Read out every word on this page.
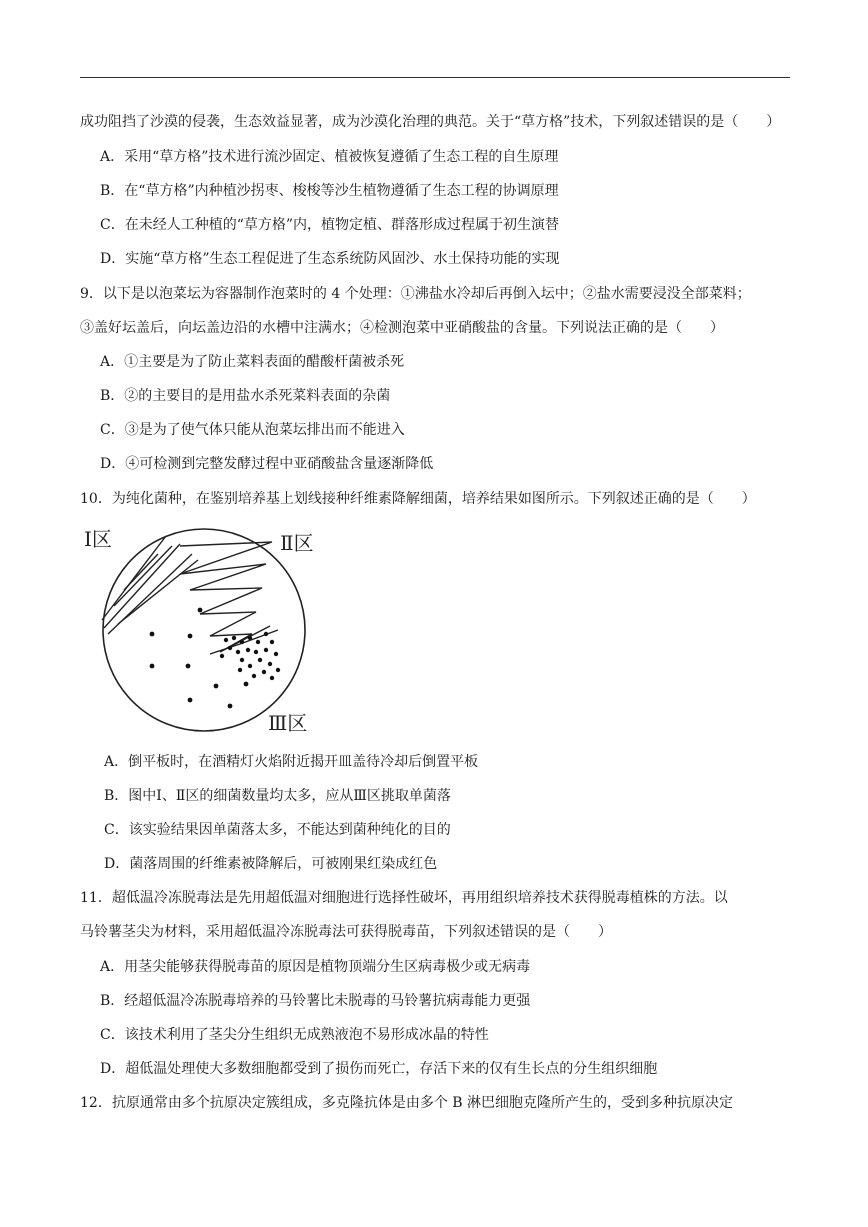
成功阻挡了沙漠的侵袭，生态效益显著，成为沙漠化治理的典范。关于“草方格”技术，下列叙述错误的是（　　）
A．采用“草方格”技术进行流沙固定、植被恢复遵循了生态工程的自生原理
B．在“草方格”内种植沙拐枣、梭梭等沙生植物遵循了生态工程的协调原理
C．在未经人工种植的“草方格”内，植物定植、群落形成过程属于初生演替
D．实施“草方格”生态工程促进了生态系统防风固沙、水土保持功能的实现
9．以下是以泡菜坛为容器制作泡菜时的 4 个处理：①沸盐水冷却后再倒入坛中；②盐水需要浸没全部菜料；
③盖好坛盖后，向坛盖边沿的水槽中注满水；④检测泡菜中亚硝酸盐的含量。下列说法正确的是（　　）
A．①主要是为了防止菜料表面的醋酸杆菌被杀死
B．②的主要目的是用盐水杀死菜料表面的杂菌
C．③是为了使气体只能从泡菜坛排出而不能进入
D．④可检测到完整发酵过程中亚硝酸盐含量逐渐降低
10．为纯化菌种，在鉴别培养基上划线接种纤维素降解细菌，培养结果如图所示。下列叙述正确的是（　　）
Ⅰ区	Ⅱ区
Ⅲ区
A．倒平板时，在酒精灯火焰附近揭开皿盖待冷却后倒置平板
B．图中Ⅰ、Ⅱ区的细菌数量均太多，应从Ⅲ区挑取单菌落
C．该实验结果因单菌落太多，不能达到菌种纯化的目的
D．菌落周围的纤维素被降解后，可被刚果红染成红色
11．超低温冷冻脱毒法是先用超低温对细胞进行选择性破坏，再用组织培养技术获得脱毒植株的方法。以
马铃薯茎尖为材料，采用超低温冷冻脱毒法可获得脱毒苗，下列叙述错误的是（　　）
A．用茎尖能够获得脱毒苗的原因是植物顶端分生区病毒极少或无病毒
B．经超低温冷冻脱毒培养的马铃薯比未脱毒的马铃薯抗病毒能力更强
C．该技术利用了茎尖分生组织无成熟液泡不易形成冰晶的特性
D．超低温处理使大多数细胞都受到了损伤而死亡，存活下来的仅有生长点的分生组织细胞
12．抗原通常由多个抗原决定簇组成，多克隆抗体是由多个 B 淋巴细胞克隆所产生的，受到多种抗原决定
